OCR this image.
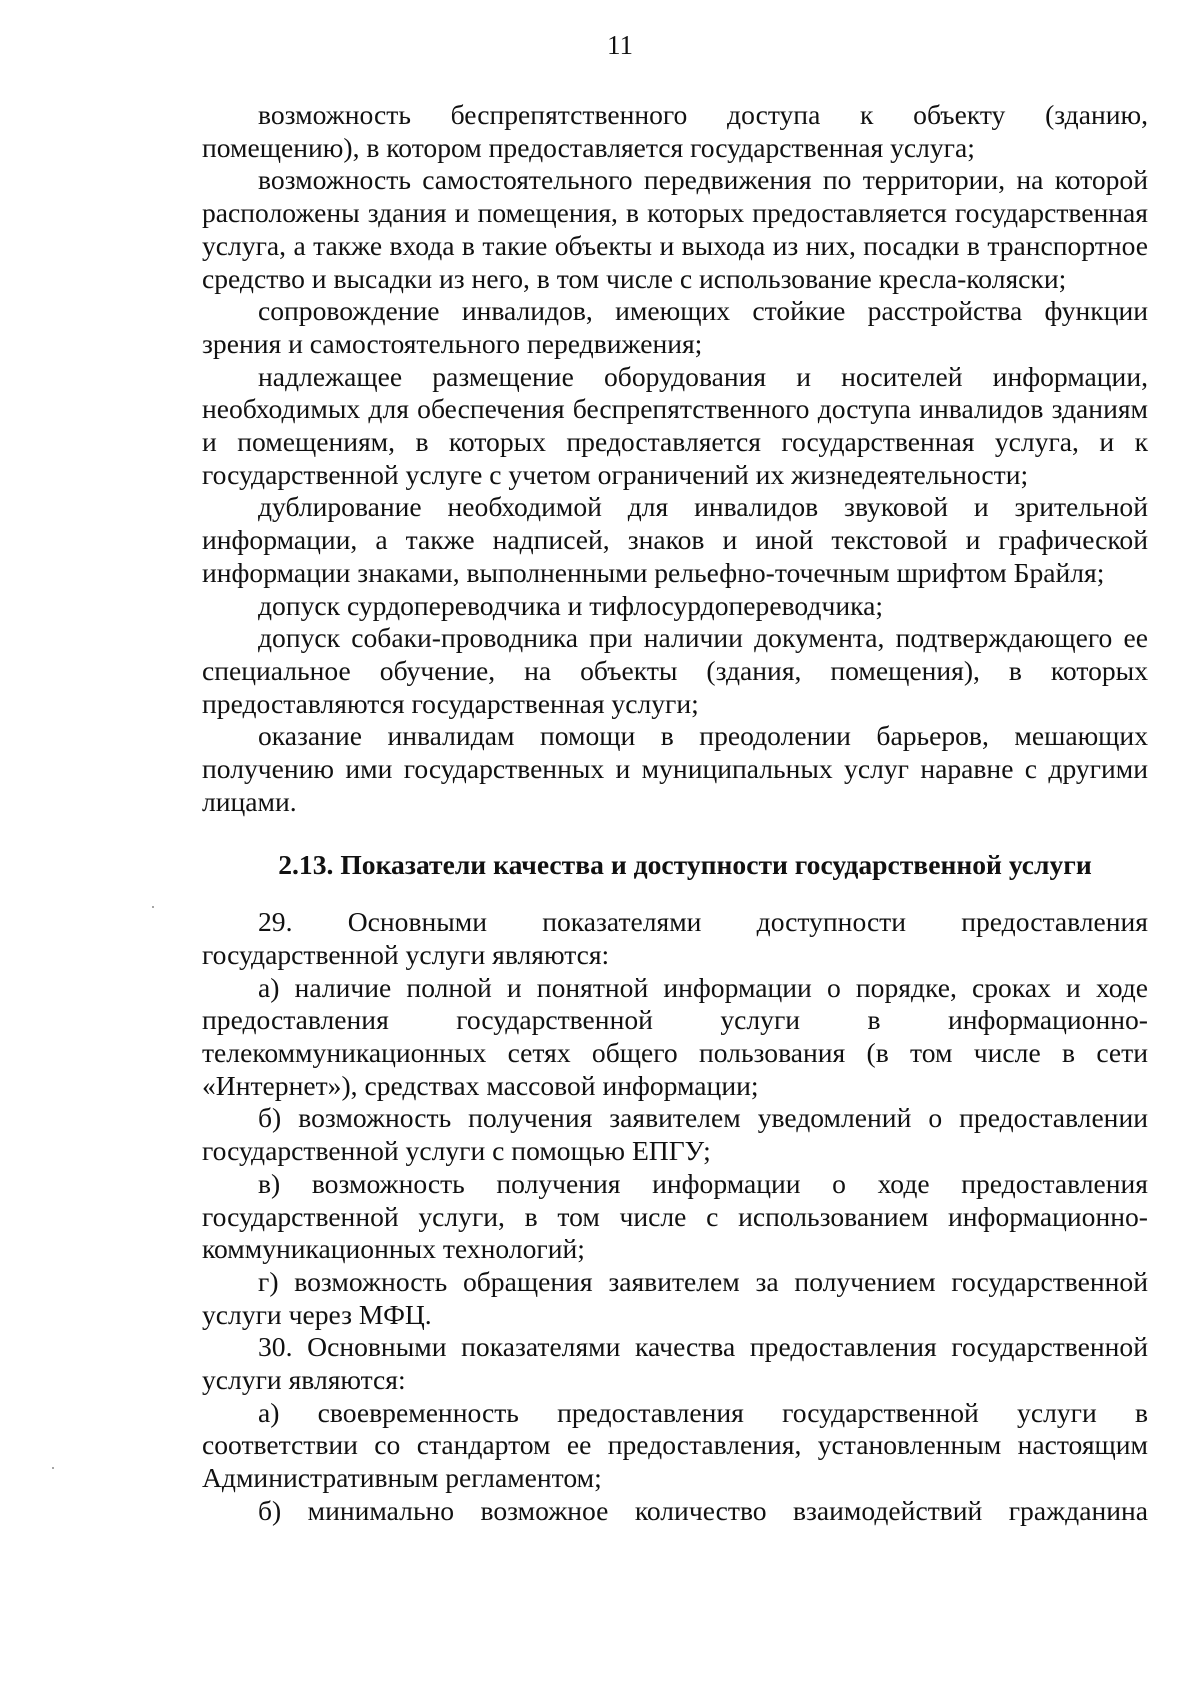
11

возможность беспрепятственного доступа к объекту (зданию, помещению), в котором предоставляется государственная услуга;

возможность самостоятельного передвижения по территории, на которой расположены здания и помещения, в которых предоставляется государственная услуга, а также входа в такие объекты и выхода из них, посадки в транспортное средство и высадки из него, в том числе с использование кресла-коляски;

сопровождение инвалидов, имеющих стойкие расстройства функции зрения и самостоятельного передвижения;

надлежащее размещение оборудования и носителей информации, необходимых для обеспечения беспрепятственного доступа инвалидов зданиям и помещениям, в которых предоставляется государственная услуга, и к государственной услуге с учетом ограничений их жизнедеятельности;

дублирование необходимой для инвалидов звуковой и зрительной информации, а также надписей, знаков и иной текстовой и графической информации знаками, выполненными рельефно-точечным шрифтом Брайля;

допуск сурдопереводчика и тифлосурдопереводчика;

допуск собаки-проводника при наличии документа, подтверждающего ее специальное обучение, на объекты (здания, помещения), в которых предоставляются государственная услуги;

оказание инвалидам помощи в преодолении барьеров, мешающих получению ими государственных и муниципальных услуг наравне с другими лицами.

2.13. Показатели качества и доступности государственной услуги

29. Основными показателями доступности предоставления государственной услуги являются:

а) наличие полной и понятной информации о порядке, сроках и ходе предоставления государственной услуги в информационно-телекоммуникационных сетях общего пользования (в том числе в сети «Интернет»), средствах массовой информации;

б) возможность получения заявителем уведомлений о предоставлении государственной услуги с помощью ЕПГУ;

в) возможность получения информации о ходе предоставления государственной услуги, в том числе с использованием информационно-коммуникационных технологий;

г) возможность обращения заявителем за получением государственной услуги через МФЦ.

30. Основными показателями качества предоставления государственной услуги являются:

а) своевременность предоставления государственной услуги в соответствии со стандартом ее предоставления, установленным настоящим Административным регламентом;

б) минимально возможное количество взаимодействий гражданина
